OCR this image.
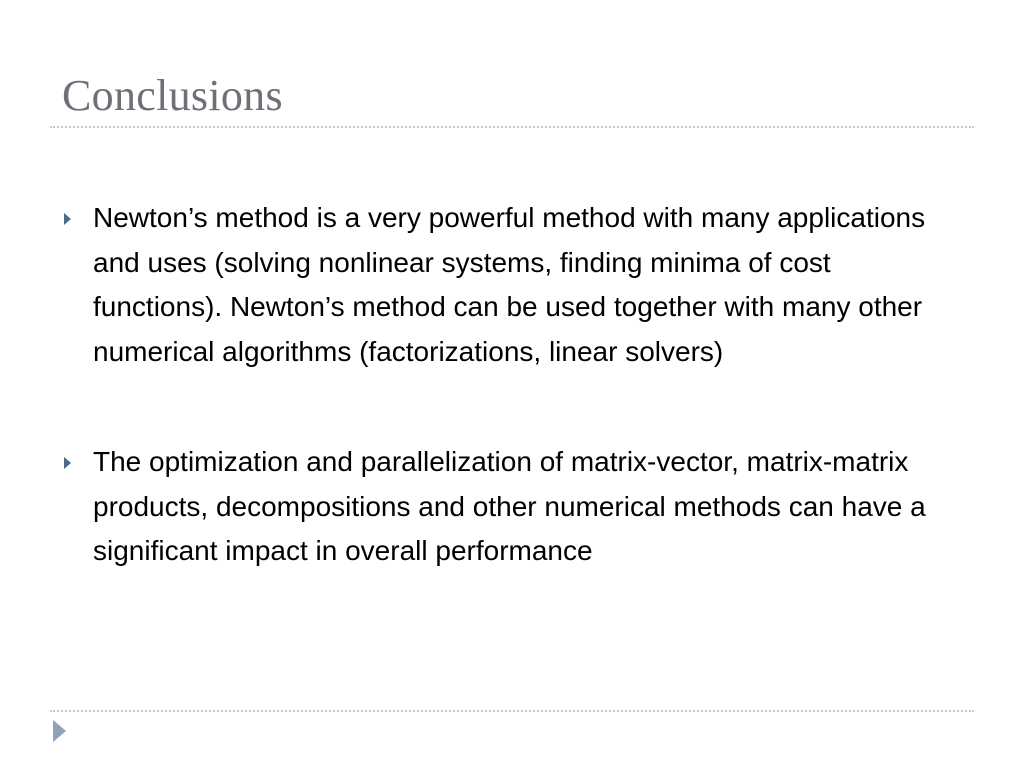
Conclusions
Newton’s method is a very powerful method with many applications and uses (solving nonlinear systems, finding minima of cost functions). Newton’s method can be used together with many other numerical algorithms (factorizations, linear solvers)
The optimization and parallelization of matrix-vector, matrix-matrix products, decompositions and other numerical methods can have a significant impact in overall performance
